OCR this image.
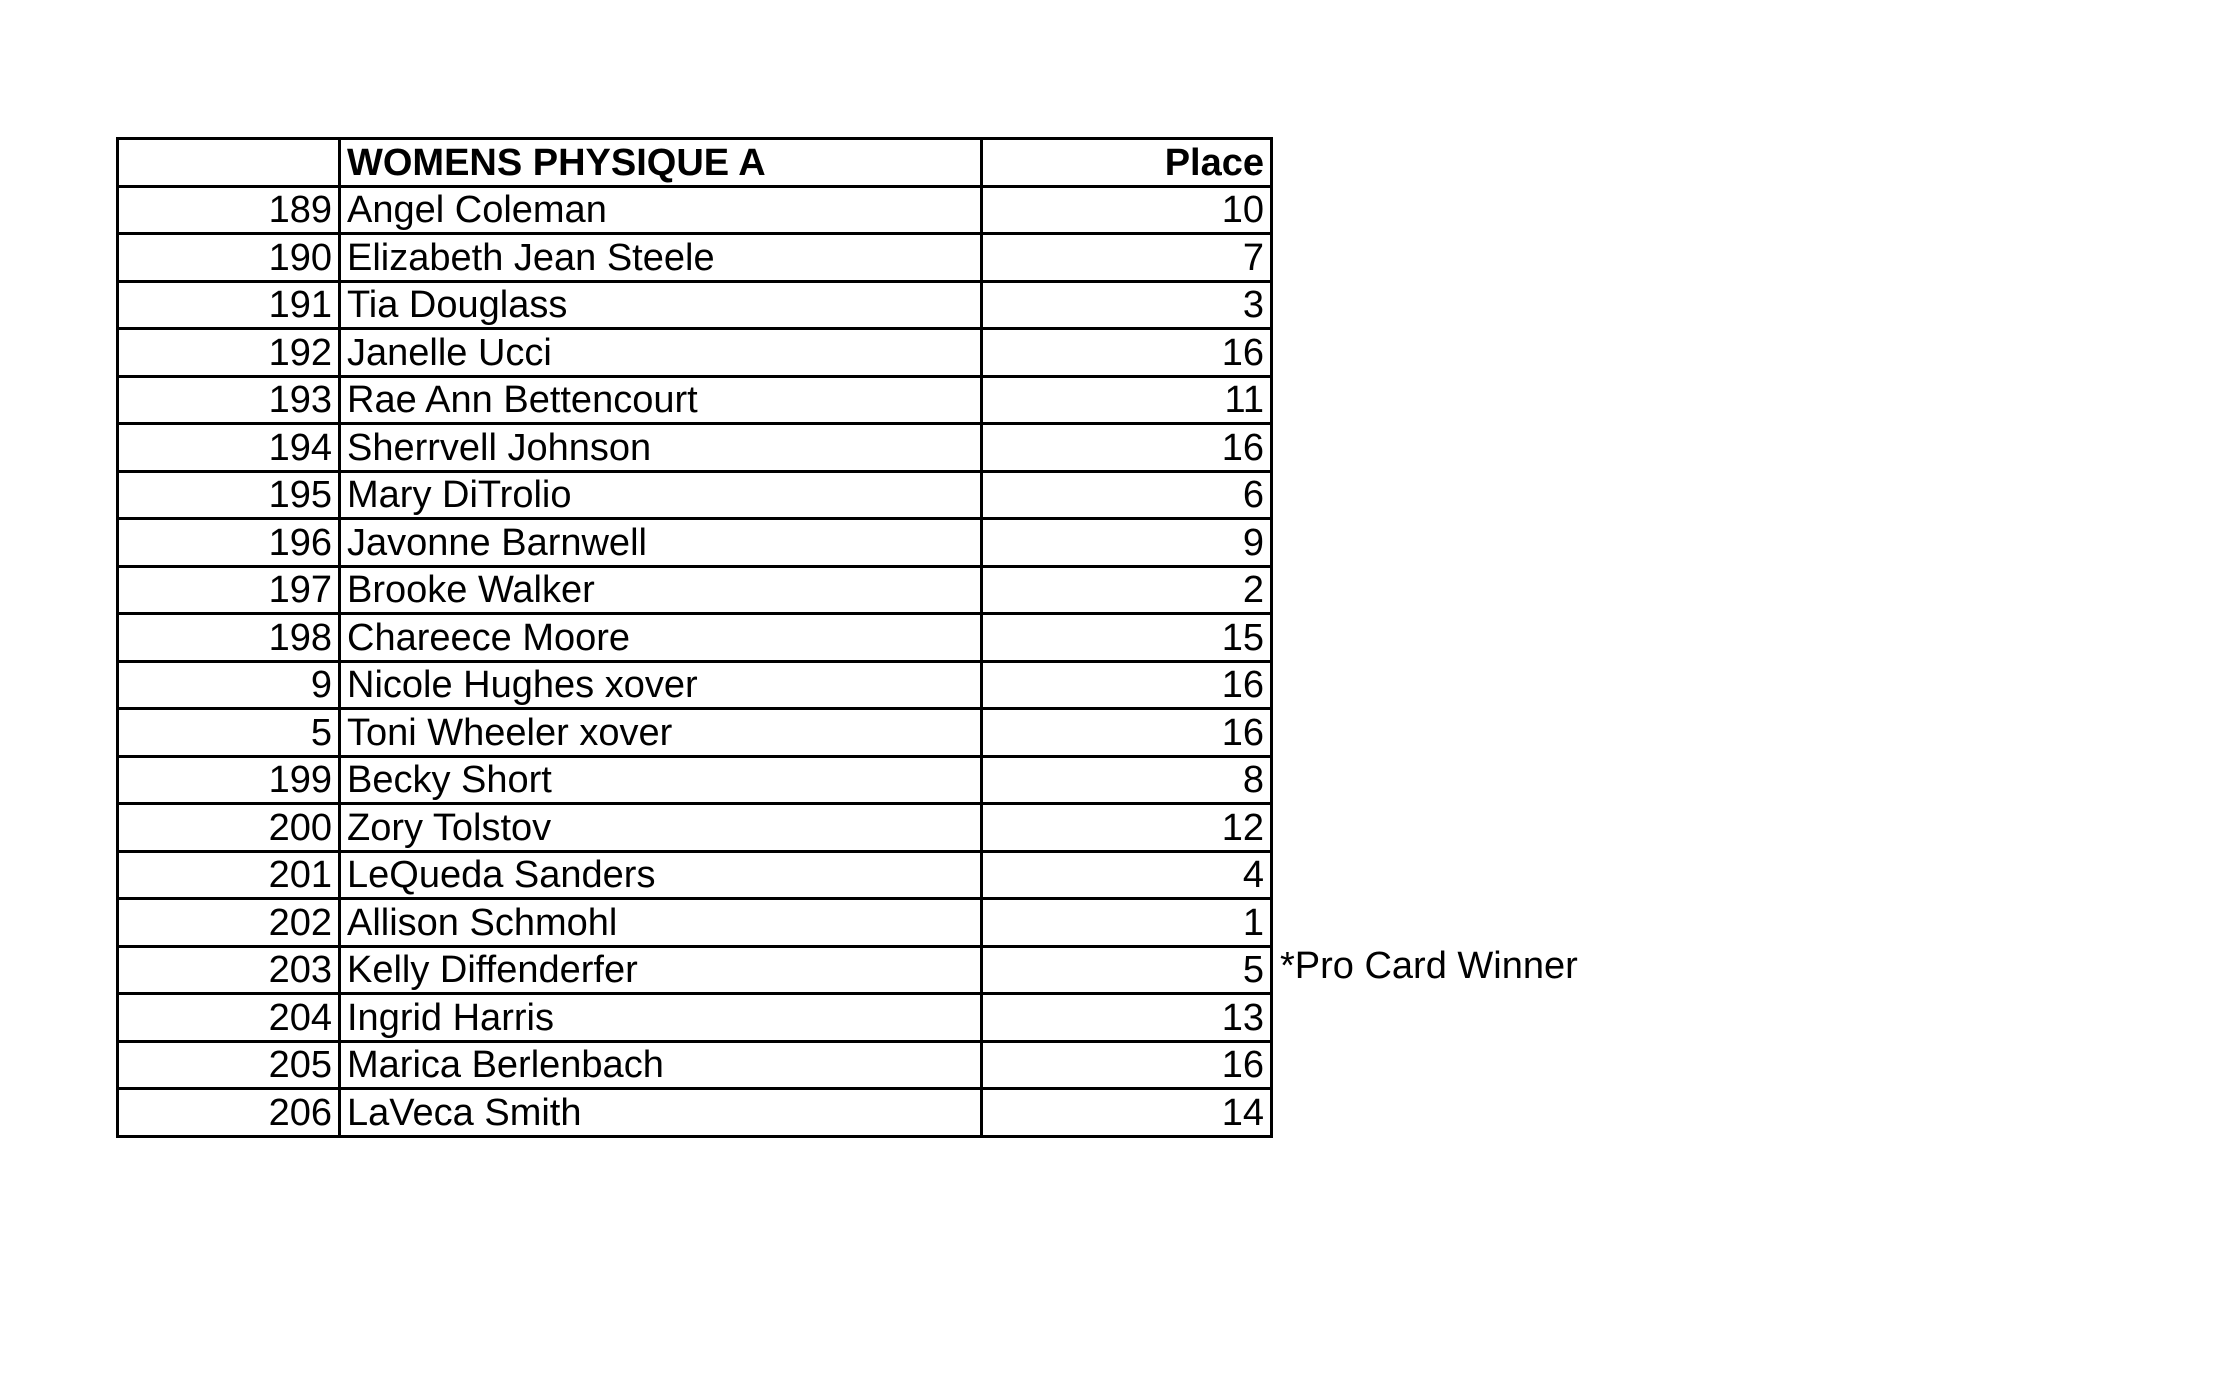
	WOMENS PHYSIQUE A	Place
189	Angel Coleman	10
190	Elizabeth Jean Steele	7
191	Tia Douglass	3
192	Janelle Ucci	16
193	Rae Ann Bettencourt	11
194	Sherrvell Johnson	16
195	Mary DiTrolio	6
196	Javonne Barnwell	9
197	Brooke Walker	2
198	Chareece Moore	15
9	Nicole Hughes xover	16
5	Toni Wheeler xover	16
199	Becky Short	8
200	Zory Tolstov	12
201	LeQueda Sanders	4
202	Allison Schmohl	1
203	Kelly Diffenderfer	5
204	Ingrid Harris	13
205	Marica Berlenbach	16
206	LaVeca Smith	14
*Pro Card Winner
